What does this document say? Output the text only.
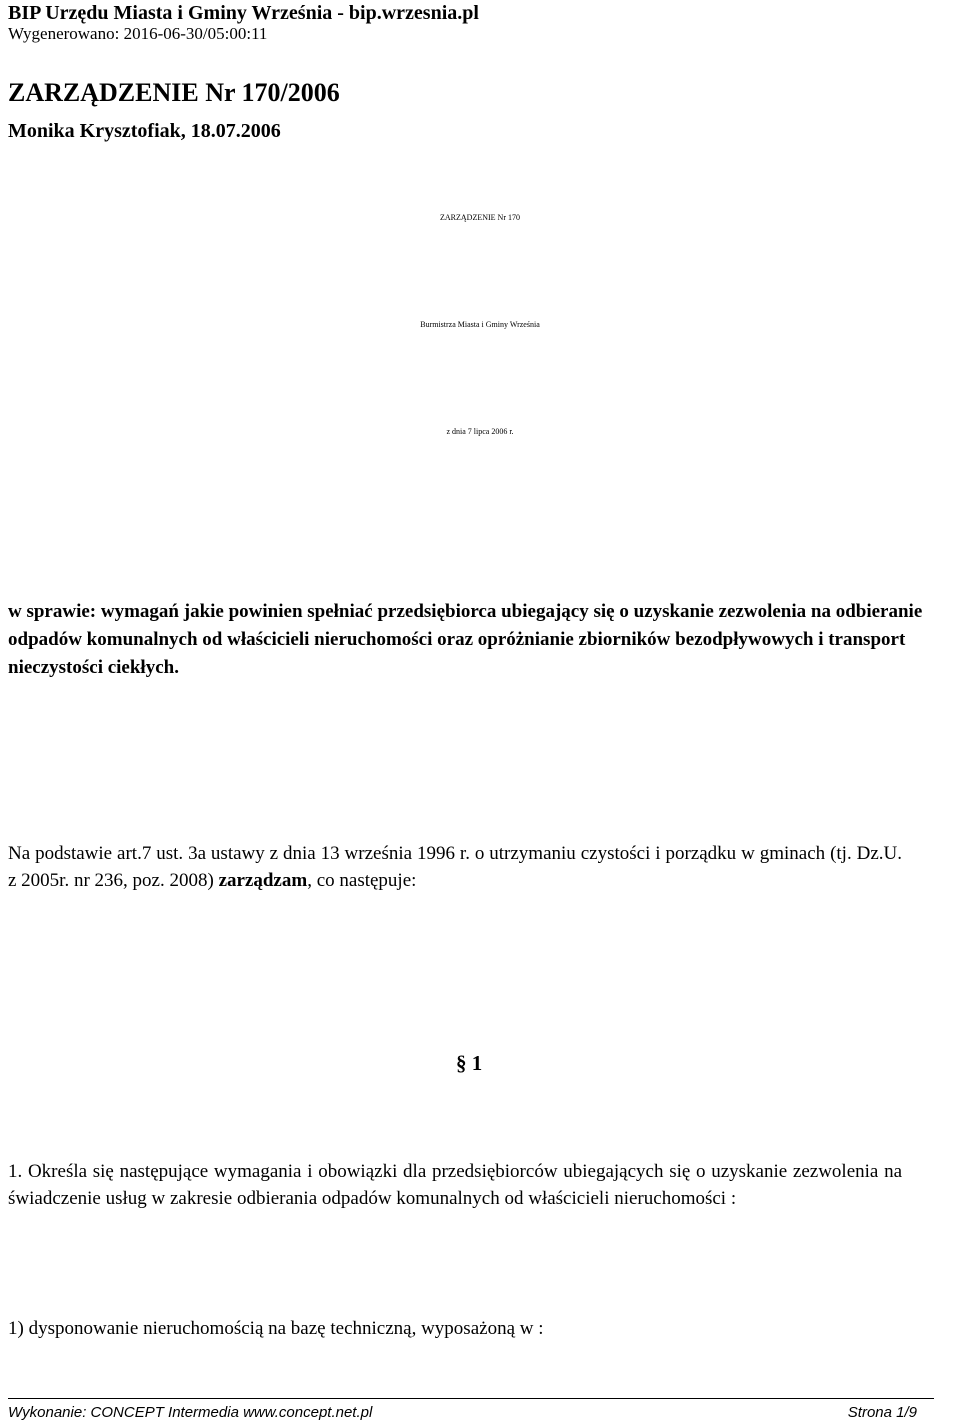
BIP Urzędu Miasta i Gminy Września - bip.wrzesnia.pl
Wygenerowano: 2016-06-30/05:00:11
ZARZĄDZENIE Nr 170/2006
Monika Krysztofiak, 18.07.2006
ZARZĄDZENIE Nr 170
Burmistrza Miasta i Gminy Września
z dnia 7 lipca 2006 r.
w sprawie: wymagań jakie powinien spełniać przedsiębiorca ubiegający się o uzyskanie zezwolenia na odbieranie odpadów komunalnych od właścicieli nieruchomości oraz opróżnianie zbiorników bezodpływowych i transport nieczystości ciekłych.
Na podstawie art.7 ust. 3a ustawy z dnia 13 września 1996 r. o utrzymaniu czystości i porządku w gminach (tj. Dz.U. z 2005r. nr 236, poz. 2008) zarządzam, co następuje:
§ 1
1. Określa się następujące wymagania i obowiązki dla przedsiębiorców ubiegających się o uzyskanie zezwolenia na świadczenie usług w zakresie odbierania odpadów komunalnych od właścicieli nieruchomości :
1) dysponowanie nieruchomością na bazę techniczną, wyposażoną w :
Wykonanie: CONCEPT Intermedia www.concept.net.pl	Strona 1/9
